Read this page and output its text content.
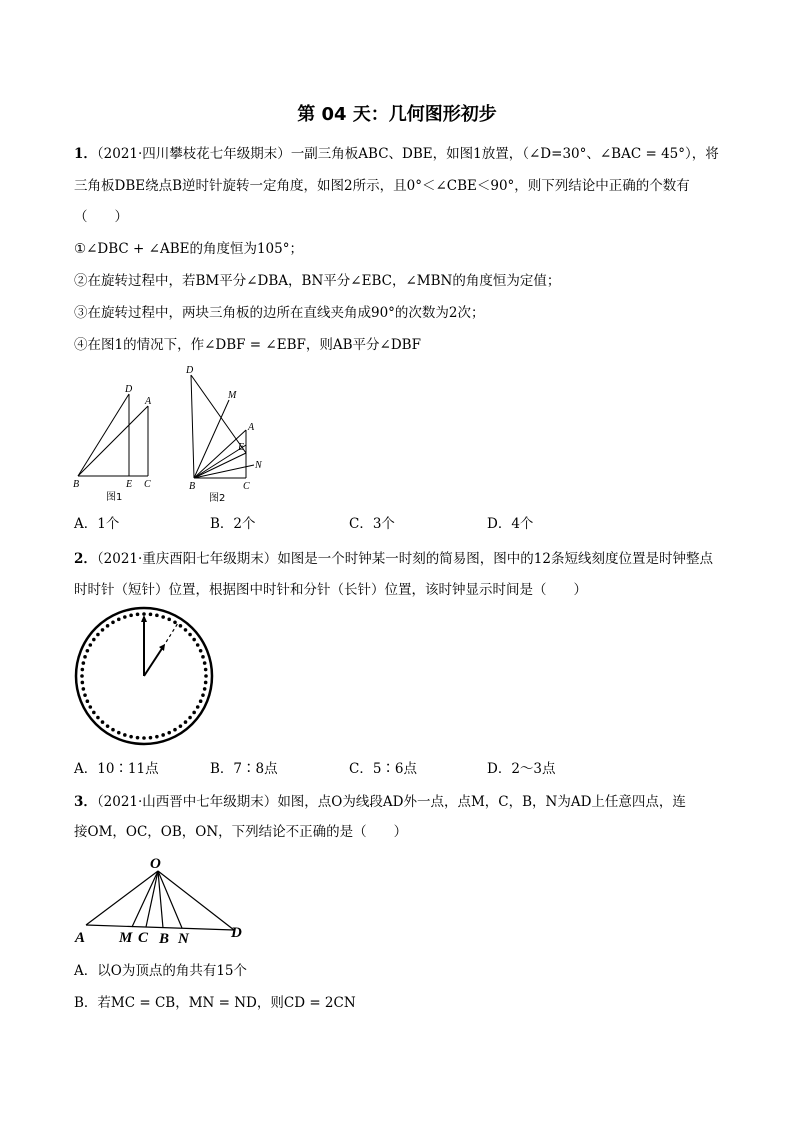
第 04 天：几何图形初步
1．（2021·四川攀枝花七年级期末）一副三角板ABC、DBE，如图1放置，（∠D=30°、∠BAC = 45°），将
三角板DBE绕点B逆时针旋转一定角度，如图2所示，且0°＜∠CBE＜90°，则下列结论中正确的个数有
（　　）
①∠DBC + ∠ABE的角度恒为105°；
②在旋转过程中，若BM平分∠DBA，BN平分∠EBC，∠MBN的角度恒为定值；
③在旋转过程中，两块三角板的边所在直线夹角成90°的次数为2次；
④在图1的情况下，作∠DBF = ∠EBF，则AB平分∠DBF
D
A
B	E C
图1
D
M
A
E
N
B	C
图2
A．1个	B．2个	C．3个	D．4个
2．（2021·重庆酉阳七年级期末）如图是一个时钟某一时刻的简易图，图中的12条短线刻度位置是时钟整点
时时针（短针）位置，根据图中时针和分针（长针）位置，该时钟显示时间是（　　）
A．10∶11点	B．7∶8点	C．5∶6点	D．2～3点
3．（2021·山西晋中七年级期末）如图，点O为线段AD外一点，点M，C，B，N为AD上任意四点，连
接OM，OC，OB，ON，下列结论不正确的是（　　）
O
A M C B N	D
A．以O为顶点的角共有15个
B．若MC = CB，MN = ND，则CD = 2CN
